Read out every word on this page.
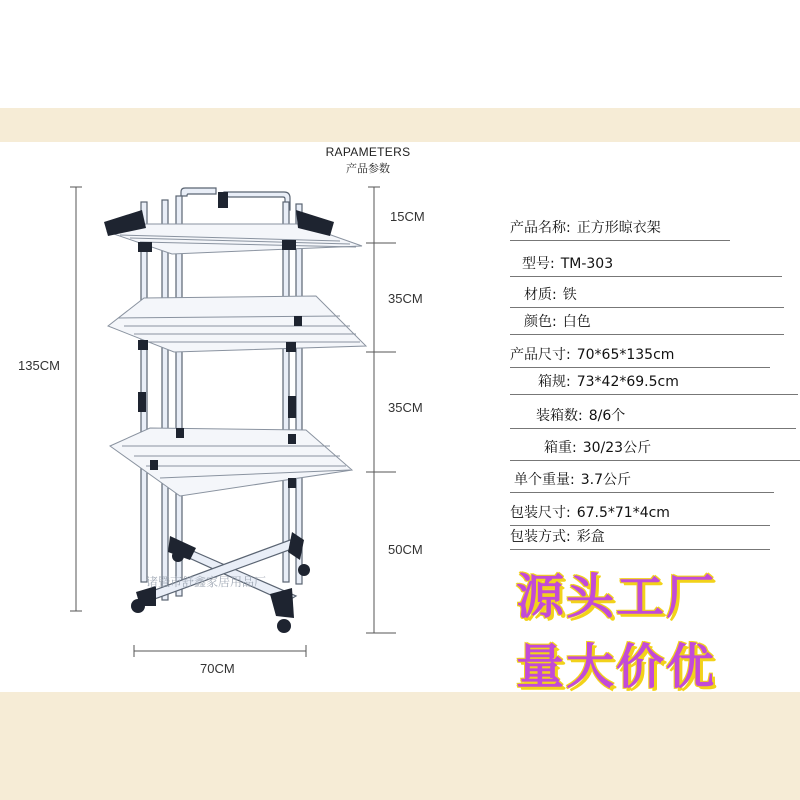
RAPAMETERS
产品参数
135CM
15CM
35CM
35CM
50CM
70CM
诸暨市舒鑫家居用品厂
产品名称: 正方形晾衣架
型号: TM-303
材质: 铁
颜色: 白色
产品尺寸: 70*65*135cm
箱规: 73*42*69.5cm
装箱数: 8/6个
箱重: 30/23公斤
单个重量: 3.7公斤
包装尺寸: 67.5*71*4cm
包装方式: 彩盒
源头工厂
量大价优
